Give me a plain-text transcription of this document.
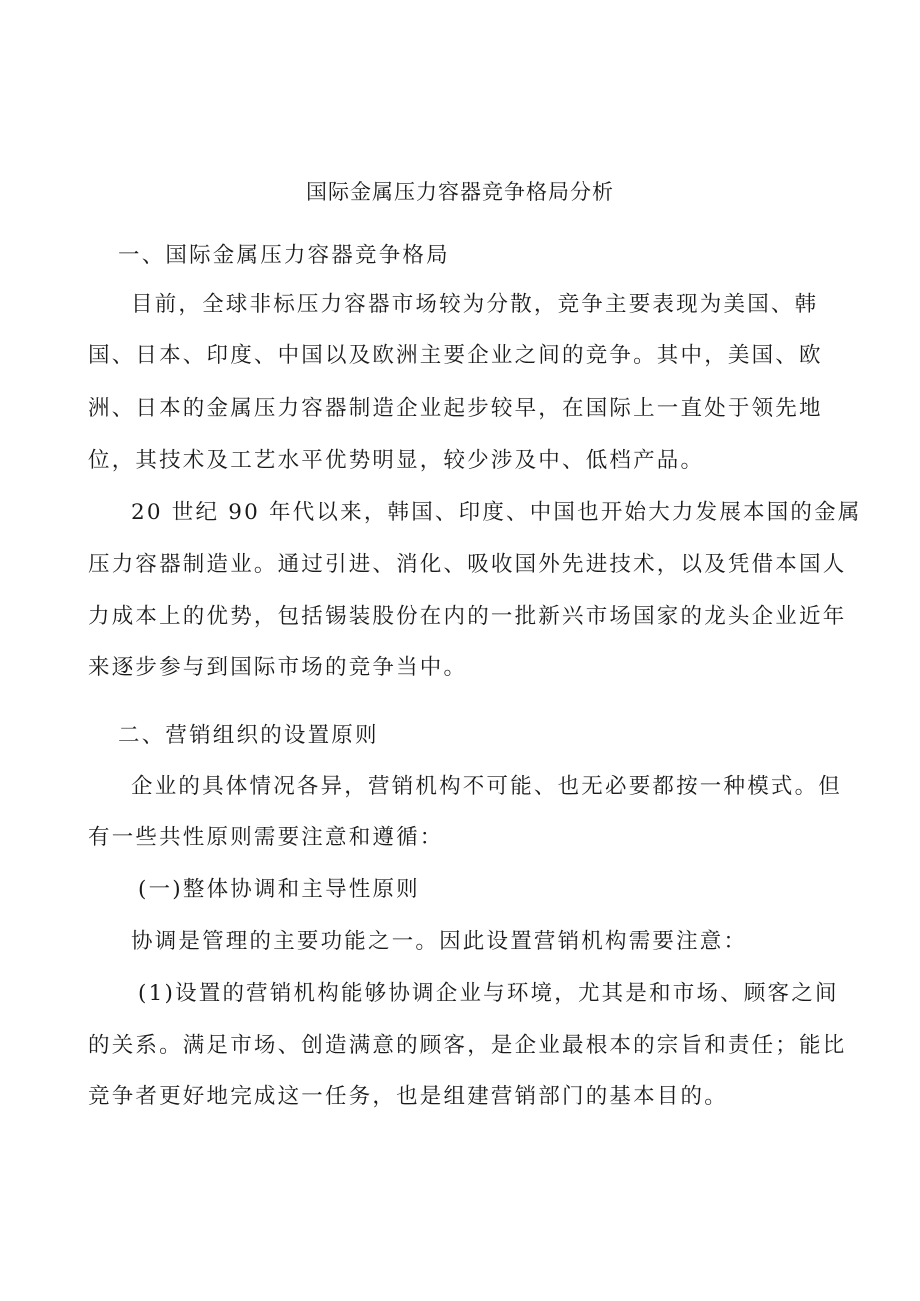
国际金属压力容器竞争格局分析
一、国际金属压力容器竞争格局
目前，全球非标压力容器市场较为分散，竞争主要表现为美国、韩
国、日本、印度、中国以及欧洲主要企业之间的竞争。其中，美国、欧
洲、日本的金属压力容器制造企业起步较早，在国际上一直处于领先地
位，其技术及工艺水平优势明显，较少涉及中、低档产品。
20 世纪 90 年代以来，韩国、印度、中国也开始大力发展本国的金属
压力容器制造业。通过引进、消化、吸收国外先进技术，以及凭借本国人
力成本上的优势，包括锡装股份在内的一批新兴市场国家的龙头企业近年
来逐步参与到国际市场的竞争当中。
二、营销组织的设置原则
企业的具体情况各异，营销机构不可能、也无必要都按一种模式。但
有一些共性原则需要注意和遵循：
(一)整体协调和主导性原则
协调是管理的主要功能之一。因此设置营销机构需要注意：
(1)设置的营销机构能够协调企业与环境，尤其是和市场、顾客之间
的关系。满足市场、创造满意的顾客，是企业最根本的宗旨和责任；能比
竞争者更好地完成这一任务，也是组建营销部门的基本目的。
